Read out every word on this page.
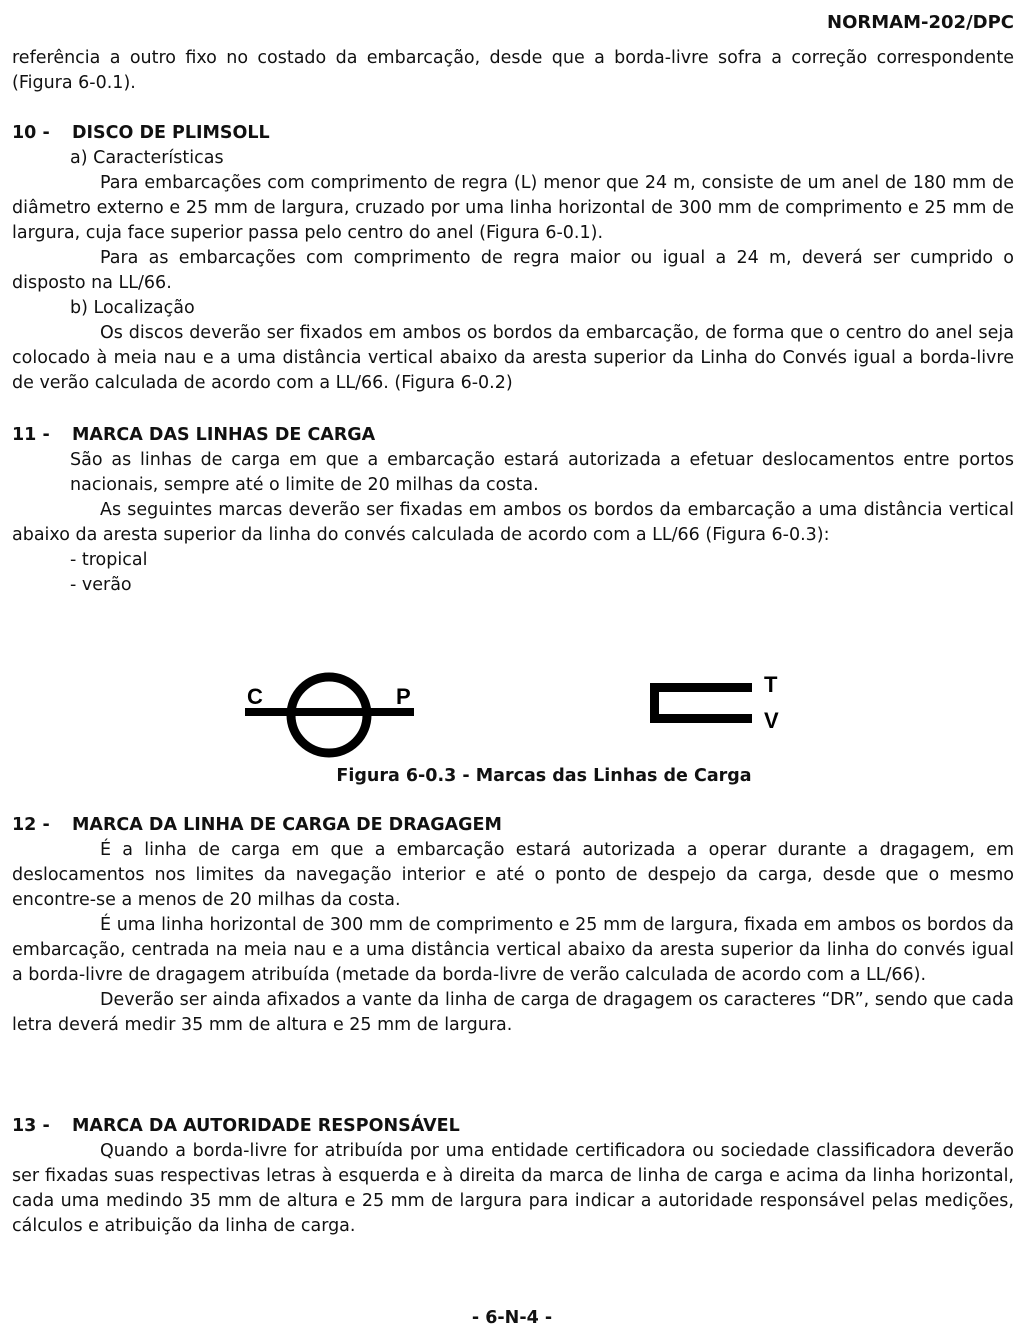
NORMAM-202/DPC

referência a outro fixo no costado da embarcação, desde que a borda-livre sofra a correção correspondente (Figura 6-0.1).

10 -	DISCO DE PLIMSOLL

a) Características

Para embarcações com comprimento de regra (L) menor que 24 m, consiste de um anel de 180 mm de diâmetro externo e 25 mm de largura, cruzado por uma linha horizontal de 300 mm de comprimento e 25 mm de largura, cuja face superior passa pelo centro do anel (Figura 6-0.1).

Para as embarcações com comprimento de regra maior ou igual a 24 m, deverá ser cumprido o disposto na LL/66.

b) Localização

Os discos deverão ser fixados em ambos os bordos da embarcação, de forma que o centro do anel seja colocado à meia nau e a uma distância vertical abaixo da aresta superior da Linha do Convés igual a borda-livre de verão calculada de acordo com a LL/66. (Figura 6-0.2)

11 -	MARCA DAS LINHAS DE CARGA

São as linhas de carga em que a embarcação estará autorizada a efetuar deslocamentos entre portos nacionais, sempre até o limite de 20 milhas da costa.

As seguintes marcas deverão ser fixadas em ambos os bordos da embarcação a uma distância vertical abaixo da aresta superior da linha do convés calculada de acordo com a LL/66 (Figura 6-0.3):

- tropical

- verão

C	P	T
V
Figura 6-0.3 - Marcas das Linhas de Carga
12 -	MARCA DA LINHA DE CARGA DE DRAGAGEM

É a linha de carga em que a embarcação estará autorizada a operar durante a dragagem, em deslocamentos nos limites da navegação interior e até o ponto de despejo da carga, desde que o mesmo encontre-se a menos de 20 milhas da costa.

É uma linha horizontal de 300 mm de comprimento e 25 mm de largura, fixada em ambos os bordos da embarcação, centrada na meia nau e a uma distância vertical abaixo da aresta superior da linha do convés igual a borda-livre de dragagem atribuída (metade da borda-livre de verão calculada de acordo com a LL/66).

Deverão ser ainda afixados a vante da linha de carga de dragagem os caracteres “DR”, sendo que cada letra deverá medir 35 mm de altura e 25 mm de largura.

13 -	MARCA DA AUTORIDADE RESPONSÁVEL

Quando a borda-livre for atribuída por uma entidade certificadora ou sociedade classificadora deverão ser fixadas suas respectivas letras à esquerda e à direita da marca de linha de carga e acima da linha horizontal, cada uma medindo 35 mm de altura e 25 mm de largura para indicar a autoridade responsável pelas medições, cálculos e atribuição da linha de carga.

- 6-N-4 -
